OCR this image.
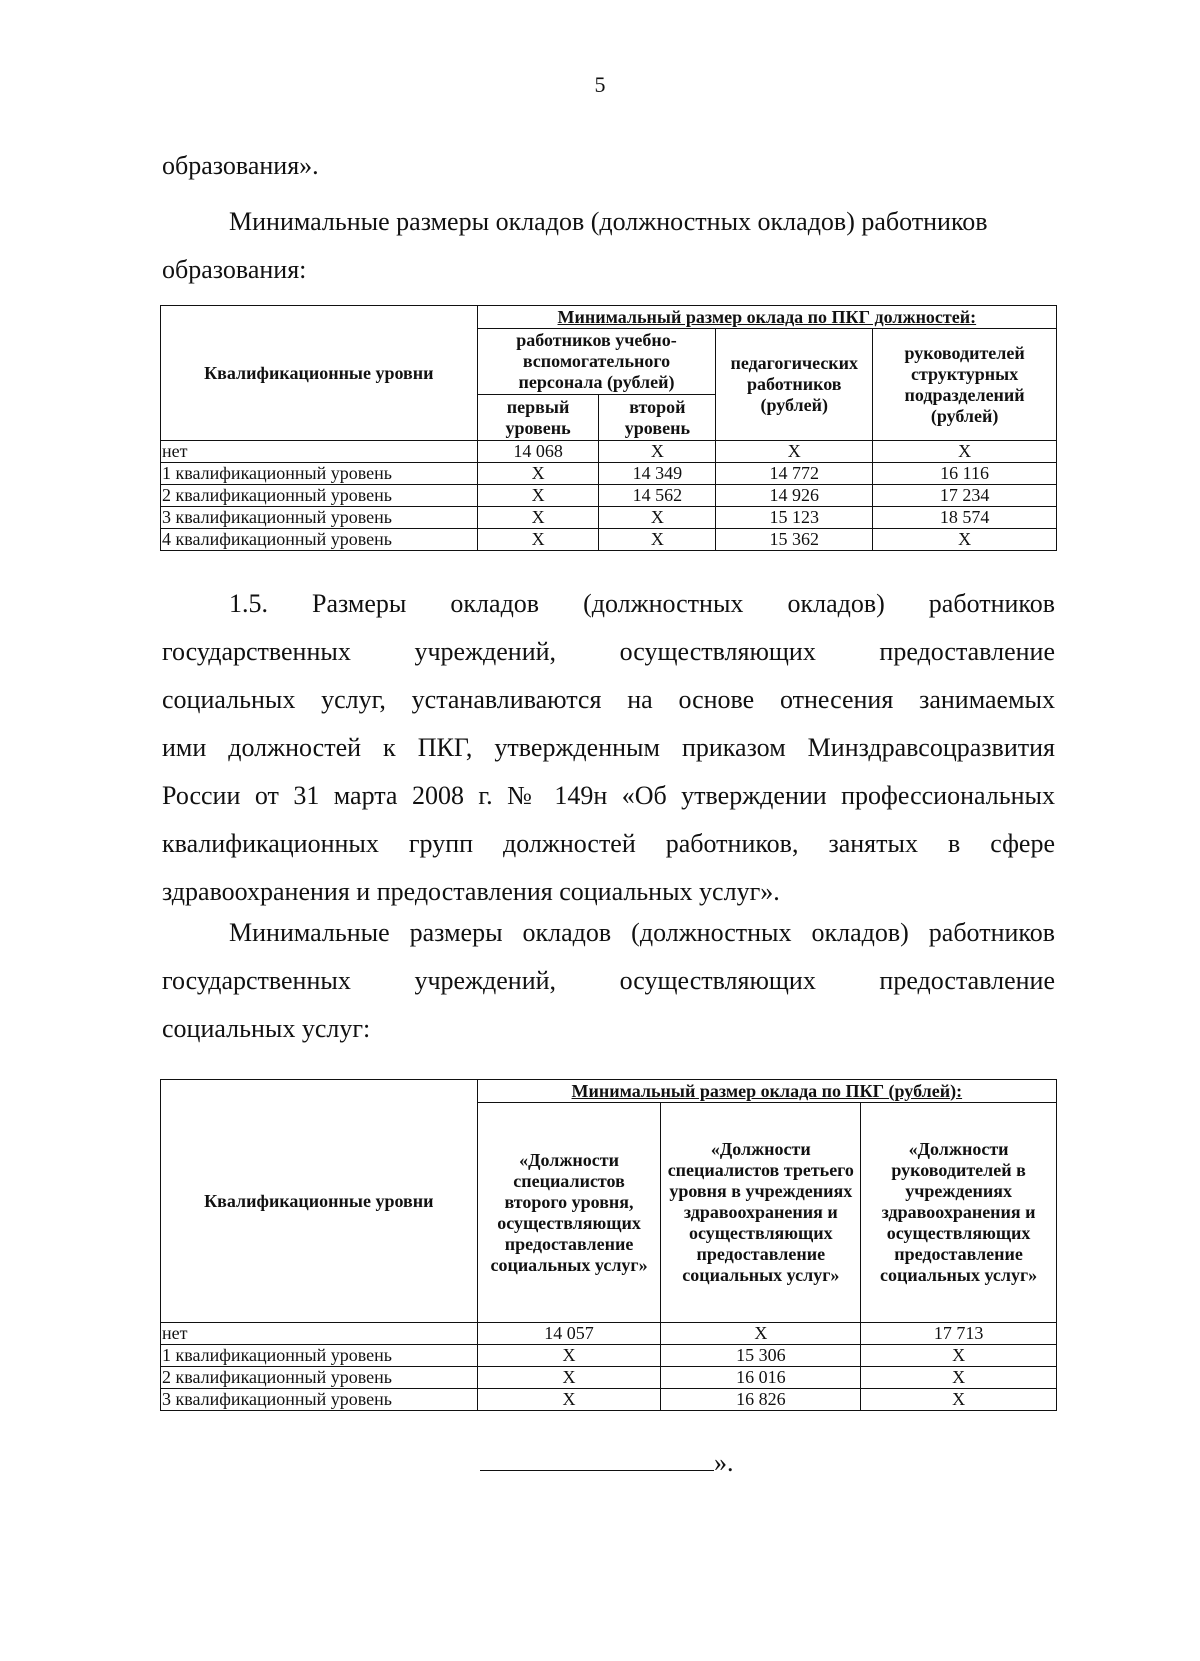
5

образования».

Минимальные размеры окладов (должностных окладов) работников

образования:

Квалификационные уровни	Минимальный размер оклада по ПКГ должностей:			
	работников учебно-вспомогательного персонала (рублей)		педагогических работников (рублей)	руководителей структурных подразделений (рублей)
	первый уровень	второй уровень		
нет	14 068	Х	Х	Х
1 квалификационный уровень	Х	14 349	14 772	16 116
2 квалификационный уровень	Х	14 562	14 926	17 234
3 квалификационный уровень	Х	Х	15 123	18 574
4 квалификационный уровень	Х	Х	15 362	Х

1.5. Размеры окладов (должностных окладов) работников

государственных учреждений, осуществляющих предоставление

социальных услуг, устанавливаются на основе отнесения занимаемых

ими должностей к ПКГ, утвержденным приказом Минздравсоцразвития

России от 31 марта 2008 г. № 149н «Об утверждении профессиональных

квалификационных групп должностей работников, занятых в сфере

здравоохранения и предоставления социальных услуг».

Минимальные размеры окладов (должностных окладов) работников

государственных учреждений, осуществляющих предоставление

социальных услуг:

Квалификационные уровни	Минимальный размер оклада по ПКГ (рублей):		
	«Должности специалистов второго уровня, осуществляющих предоставление социальных услуг»	«Должности специалистов третьего уровня в учреждениях здравоохранения и осуществляющих предоставление социальных услуг»	«Должности руководителей в учреждениях здравоохранения и осуществляющих предоставление социальных услуг»
нет	14 057	Х	17 713
1 квалификационный уровень	Х	15 306	Х
2 квалификационный уровень	Х	16 016	Х
3 квалификационный уровень	Х	16 826	Х
».
